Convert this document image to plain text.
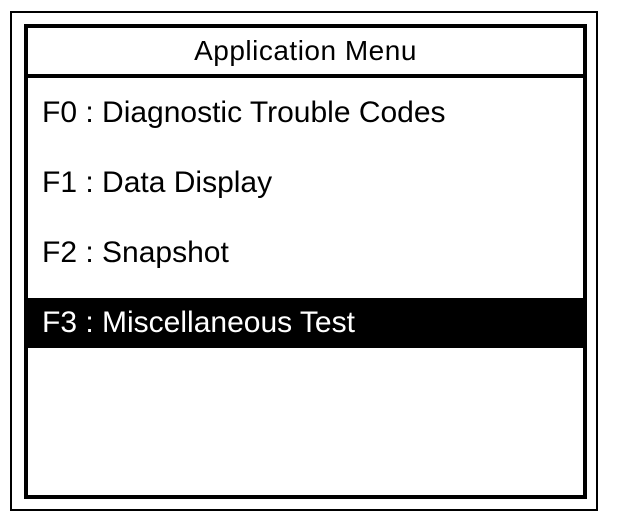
Application Menu
F0 : Diagnostic Trouble Codes
F1 : Data Display
F2 : Snapshot
F3 : Miscellaneous Test
